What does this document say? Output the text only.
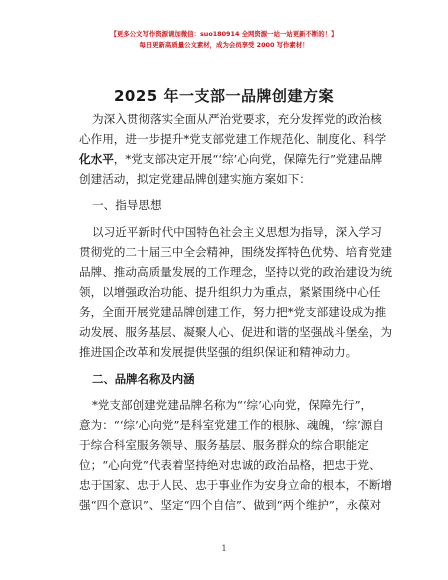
【更多公文写作资源请加微信：suo180914 全网资源一站一站更新不断的！】
每日更新高质量公文素材，成为会员享受 2000 写作素材！
2025 年一支部一品牌创建方案
为深入贯彻落实全面从严治党要求，充分发挥党的政治核
心作用，进一步提升*党支部党建工作规范化、制度化、科学
化水平，*党支部决定开展“‘综’心向党，保障先行”党建品牌
创建活动，拟定党建品牌创建实施方案如下：
一、指导思想
以习近平新时代中国特色社会主义思想为指导，深入学习
贯彻党的二十届三中全会精神，围绕发挥特色优势、培育党建
品牌、推动高质量发展的工作理念，坚持以党的政治建设为统
领，以增强政治功能、提升组织力为重点，紧紧围绕中心任
务，全面开展党建品牌创建工作，努力把*党支部建设成为推
动发展、服务基层、凝聚人心、促进和谐的坚强战斗堡垒，为
推进国企改革和发展提供坚强的组织保证和精神动力。
二、品牌名称及内涵
*党支部创建党建品牌名称为“‘综’心向党，保障先行”，
意为：“‘综’心向党”是科室党建工作的根脉、魂魄，‘综’源自
于综合科室服务领导、服务基层、服务群众的综合职能定
位；“心向党”代表着坚持绝对忠诚的政治品格，把忠于党、
忠于国家、忠于人民、忠于事业作为安身立命的根本，不断增
强“四个意识”、坚定“四个自信”、做到“两个维护”，永葆对
1
